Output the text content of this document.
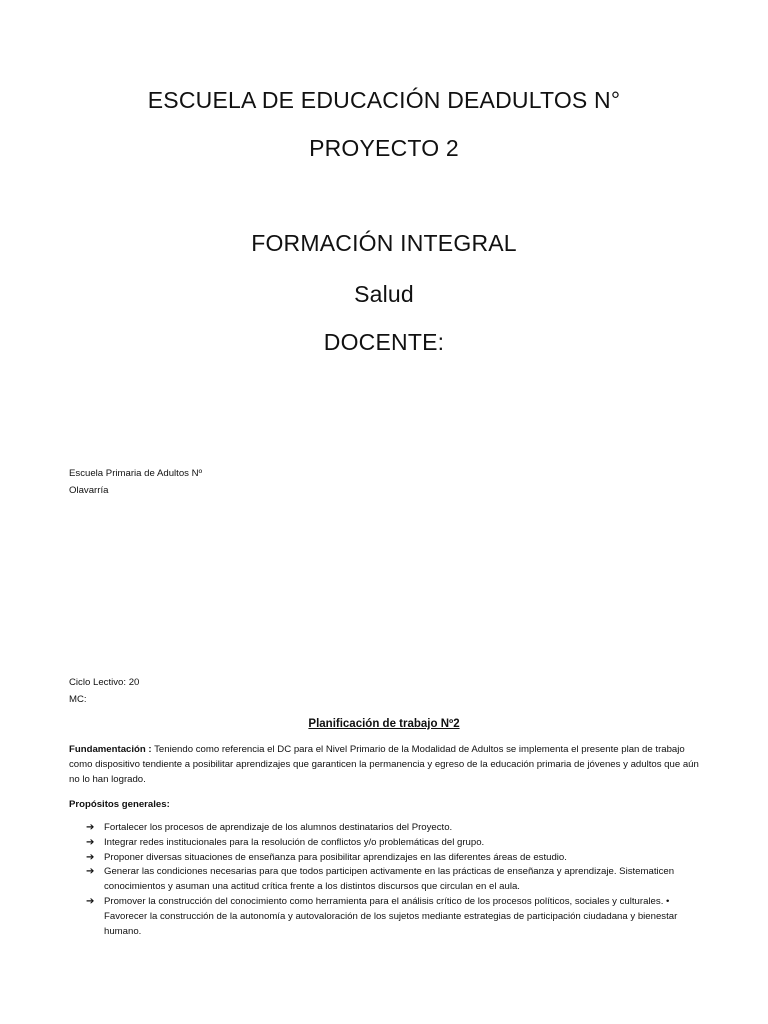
ESCUELA DE EDUCACIÓN DEADULTOS N°
PROYECTO 2
FORMACIÓN INTEGRAL
Salud
DOCENTE:
Escuela Primaria de Adultos Nº
Olavarría
Ciclo Lectivo: 20
MC:
Planificación de trabajo Nº2
Fundamentación : Teniendo como referencia el DC para el Nivel Primario de la Modalidad de Adultos se implementa el presente plan de trabajo como dispositivo tendiente a posibilitar aprendizajes que garanticen la permanencia y egreso de la educación primaria de jóvenes y adultos que aún no lo han logrado.
Propósitos generales:
➔ Fortalecer los procesos de aprendizaje de los alumnos destinatarios del Proyecto.
➔ Integrar redes institucionales para la resolución de conflictos y/o problemáticas del grupo.
➔ Proponer diversas situaciones de enseñanza para posibilitar aprendizajes en las diferentes áreas de estudio.
➔ Generar las condiciones necesarias para que todos participen activamente en las prácticas de enseñanza y aprendizaje. Sistematicen conocimientos y asuman una actitud crítica frente a los distintos discursos que circulan en el aula.
➔ Promover la construcción del conocimiento como herramienta para el análisis crítico de los procesos políticos, sociales y culturales. • Favorecer la construcción de la autonomía y autovaloración de los sujetos mediante estrategias de participación ciudadana y bienestar humano.
